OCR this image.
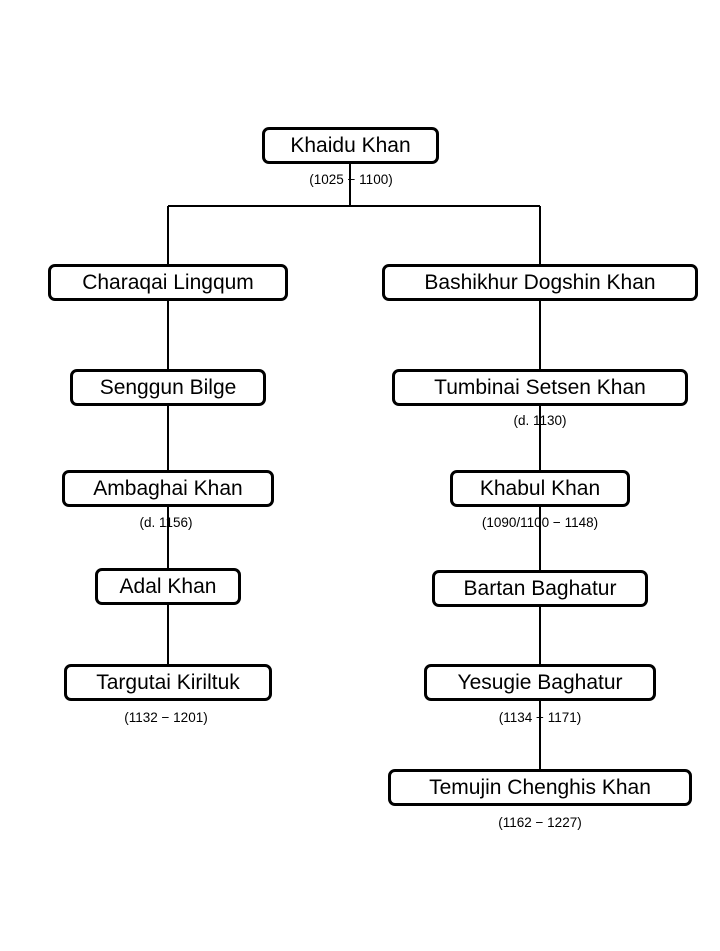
Khaidu Khan
(1025 − 1100)
Charaqai Lingqum	Bashikhur Dogshin Khan
Senggun Bilge	Tumbinai Setsen Khan
(d. 1130)
Ambaghai Khan
(d. 1156)
Khabul Khan
(1090/1100 − 1148)
Adal Khan	Bartan Baghatur
Targutai Kiriltuk
(1132 − 1201)
Yesugie Baghatur
(1134 − 1171)
Temujin Chenghis Khan
(1162 − 1227)
